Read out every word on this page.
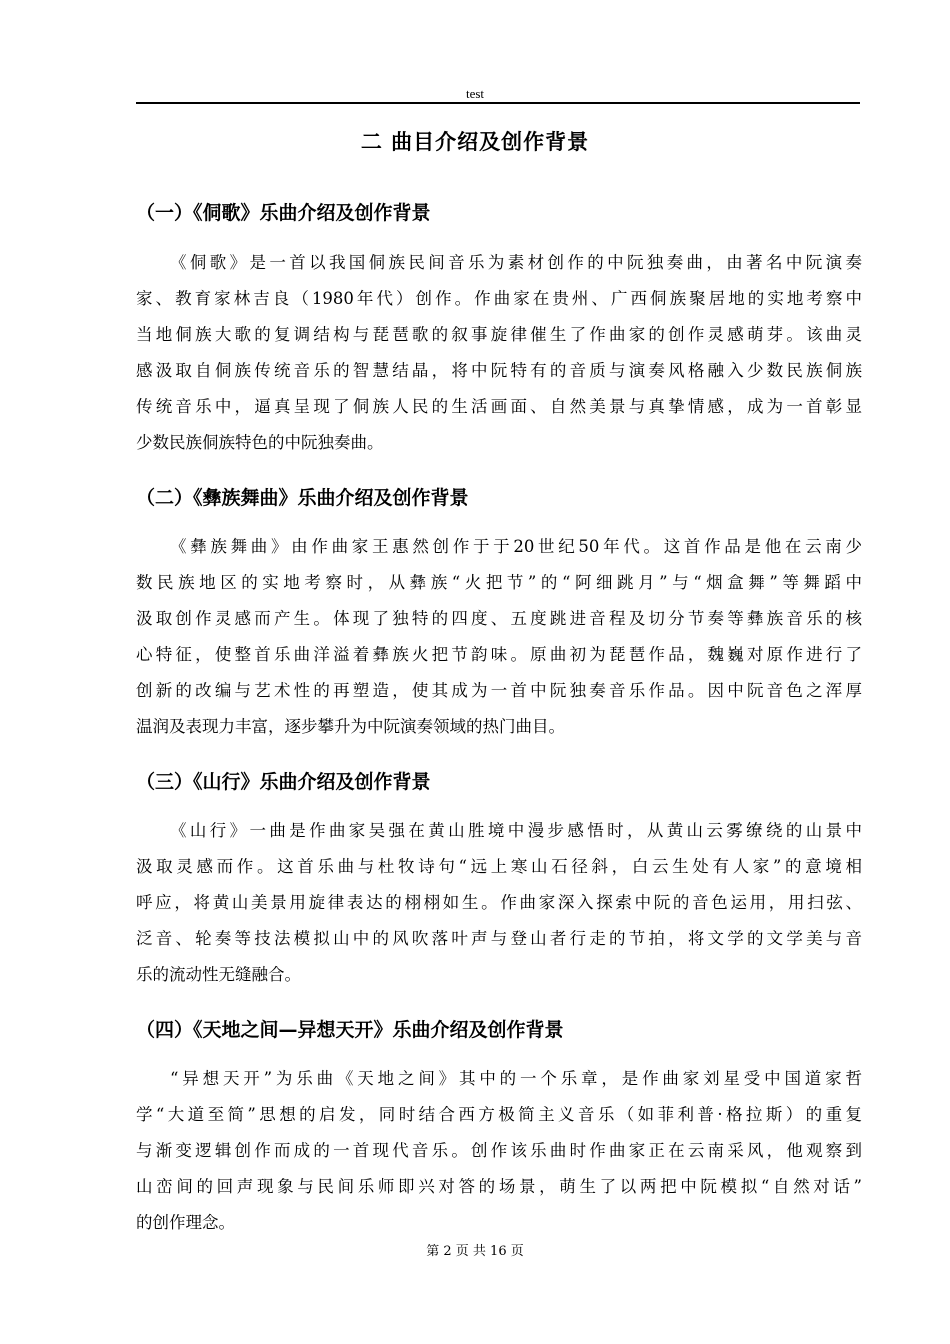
test
二 曲目介绍及创作背景
（一）《侗歌》乐曲介绍及创作背景
《侗歌》是一首以我国侗族民间音乐为素材创作的中阮独奏曲，由著名中阮演奏
家、教育家林吉良（1980年代）创作。作曲家在贵州、广西侗族聚居地的实地考察中
当地侗族大歌的复调结构与琵琶歌的叙事旋律催生了作曲家的创作灵感萌芽。该曲灵
感汲取自侗族传统音乐的智慧结晶，将中阮特有的音质与演奏风格融入少数民族侗族
传统音乐中，逼真呈现了侗族人民的生活画面、自然美景与真挚情感，成为一首彰显
少数民族侗族特色的中阮独奏曲。
（二）《彝族舞曲》乐曲介绍及创作背景
《彝族舞曲》由作曲家王惠然创作于于20世纪50年代。这首作品是他在云南少
数民族地区的实地考察时，从彝族“火把节”的“阿细跳月”与“烟盒舞”等舞蹈中
汲取创作灵感而产生。体现了独特的四度、五度跳进音程及切分节奏等彝族音乐的核
心特征，使整首乐曲洋溢着彝族火把节韵味。原曲初为琵琶作品，魏巍对原作进行了
创新的改编与艺术性的再塑造，使其成为一首中阮独奏音乐作品。因中阮音色之浑厚
温润及表现力丰富，逐步攀升为中阮演奏领域的热门曲目。
（三）《山行》乐曲介绍及创作背景
《山行》一曲是作曲家吴强在黄山胜境中漫步感悟时，从黄山云雾缭绕的山景中
汲取灵感而作。这首乐曲与杜牧诗句“远上寒山石径斜，白云生处有人家”的意境相
呼应，将黄山美景用旋律表达的栩栩如生。作曲家深入探索中阮的音色运用，用扫弦、
泛音、轮奏等技法模拟山中的风吹落叶声与登山者行走的节拍，将文学的文学美与音
乐的流动性无缝融合。
（四）《天地之间—异想天开》乐曲介绍及创作背景
“异想天开”为乐曲《天地之间》其中的一个乐章，是作曲家刘星受中国道家哲
学“大道至简”思想的启发，同时结合西方极简主义音乐（如菲利普·格拉斯）的重复
与渐变逻辑创作而成的一首现代音乐。创作该乐曲时作曲家正在云南采风，他观察到
山峦间的回声现象与民间乐师即兴对答的场景，萌生了以两把中阮模拟“自然对话”
的创作理念。
第 2 页 共 16 页
